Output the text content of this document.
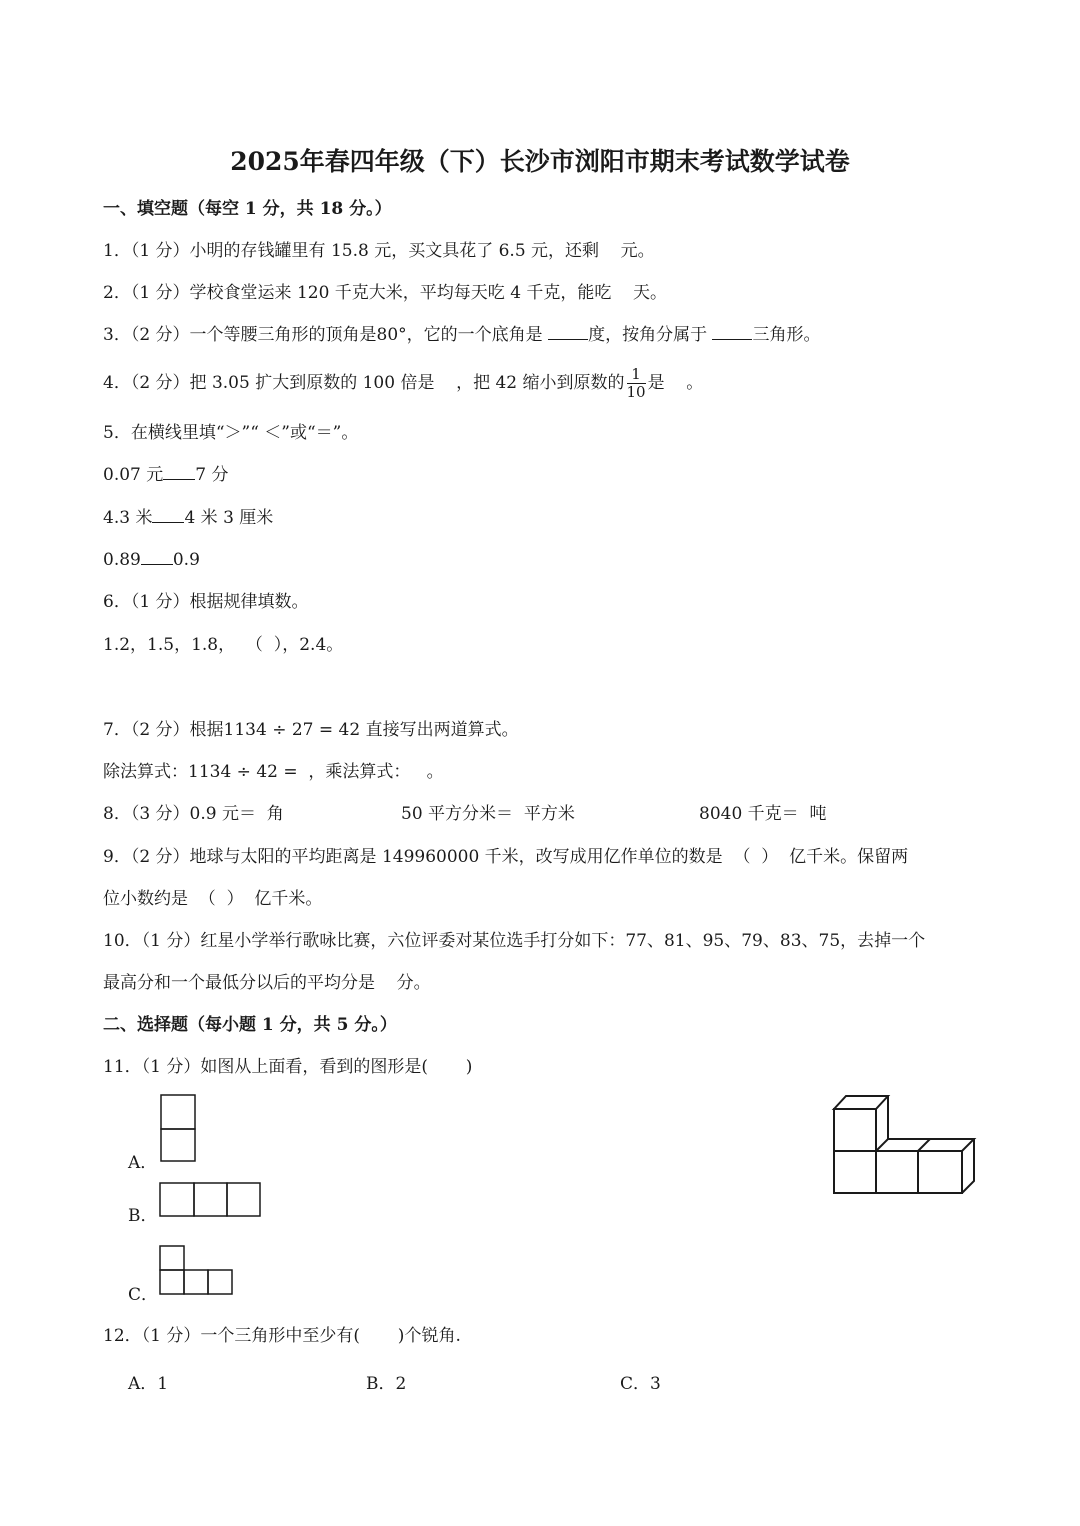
2025年春四年级（下）长沙市浏阳市期末考试数学试卷
一、填空题（每空 1 分，共 18 分。）
1．（1 分）小明的存钱罐里有 15.8 元，买文具花了 6.5 元，还剩    元。
2．（1 分）学校食堂运来 120 千克大米，平均每天吃 4 千克，能吃    天。
3．（2 分）一个等腰三角形的顶角是80°，它的一个底角是 度，按角分属于 三角形。
4．（2 分）把 3.05 扩大到原数的 100 倍是    ，把 42 缩小到原数的 $\frac{1}{10}$ 是    。
5．在横线里填“＞”“ ＜”或“＝”。
0.07 元 7 分
4.3 米 4 米 3 厘米
0.89 0.9
6．（1 分）根据规律填数。
1.2，1.5，1.8，  （  ），2.4。
7．（2 分）根据1134 ÷ 27 = 42 直接写出两道算式。
除法算式：1134 ÷ 42 =  ，乘法算式：   。
8．（3 分）0.9 元＝  角	50 平方分米＝  平方米	8040 千克＝  吨
9．（2 分）地球与太阳的平均距离是 149960000 千米，改写成用亿作单位的数是  （  ）  亿千米。保留两
位小数约是  （  ）  亿千米。
10．（1 分）红星小学举行歌咏比赛，六位评委对某位选手打分如下：77、81、95、79、83、75，去掉一个
最高分和一个最低分以后的平均分是    分。
二、选择题（每小题 1 分，共 5 分。）
11．（1 分）如图从上面看，看到的图形是(       )
A．
B．
C．
12．（1 分）一个三角形中至少有(       )个锐角.
A．1	B．2	C．3
